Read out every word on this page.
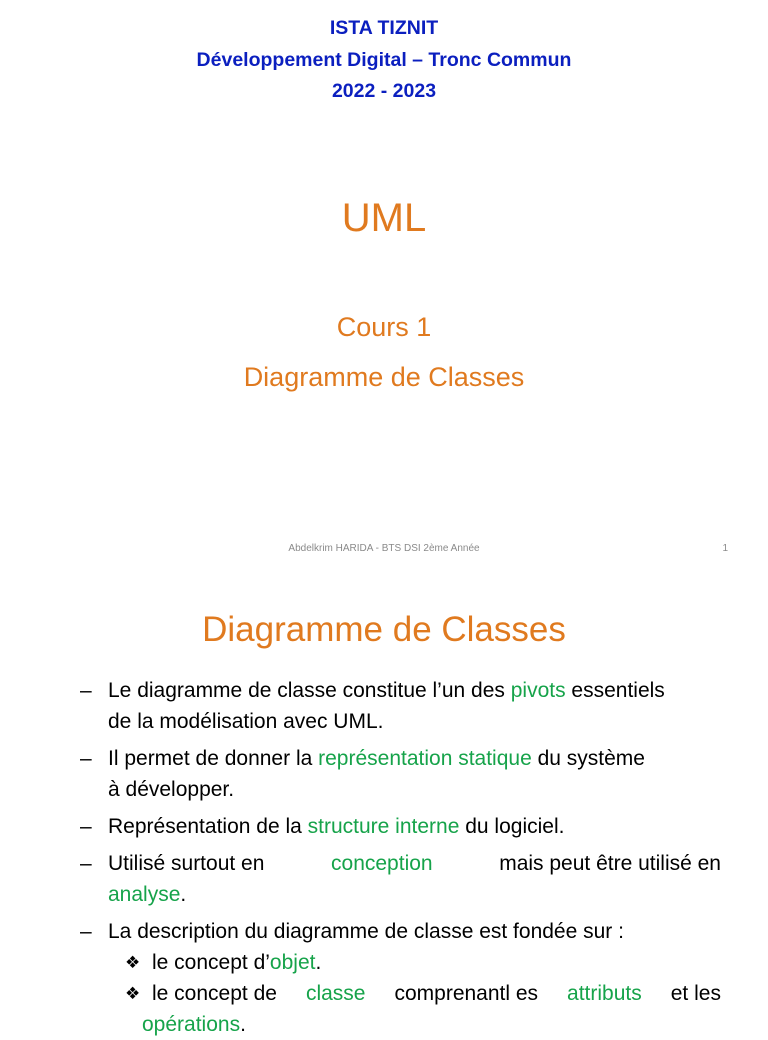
ISTA TIZNIT
Développement Digital – Tronc Commun
2022 - 2023
UML
Cours 1
Diagramme de Classes
Abdelkrim HARIDA - BTS DSI 2ème Année	1
Diagramme de Classes
– Le diagramme de classe constitue l’un des pivots essentiels
de la modélisation avec UML.
– Il permet de donner la représentation statique du système
à développer.
– Représentation de la structure interne du logiciel.
– Utilisé surtout en	conception	mais peut être utilisé en
analyse.
– La description du diagramme de classe est fondée sur :
❖ le concept d’objet.
❖ le concept de classe comprenantl es attributs et les
opérations.
